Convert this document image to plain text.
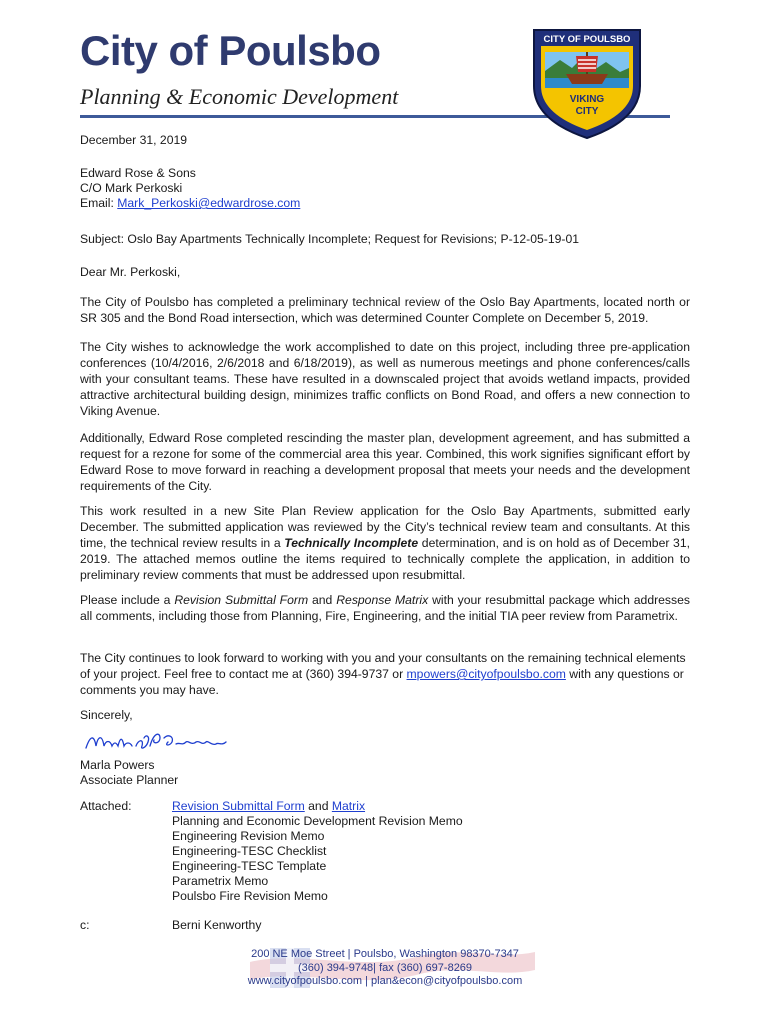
City of Poulsbo

Planning & Economic Development

CITY OF POULSBO
VIKING
CITY

December 31, 2019

Edward Rose & Sons
C/O Mark Perkoski
Email: Mark_Perkoski@edwardrose.com

Subject: Oslo Bay Apartments Technically Incomplete; Request for Revisions; P-12-05-19-01

Dear Mr. Perkoski,

The City of Poulsbo has completed a preliminary technical review of the Oslo Bay Apartments, located north or SR 305 and the Bond Road intersection, which was determined Counter Complete on December 5, 2019.

The City wishes to acknowledge the work accomplished to date on this project, including three pre-application conferences (10/4/2016, 2/6/2018 and 6/18/2019), as well as numerous meetings and phone conferences/calls with your consultant teams. These have resulted in a downscaled project that avoids wetland impacts, provided attractive architectural building design, minimizes traffic conflicts on Bond Road, and offers a new connection to Viking Avenue.

Additionally, Edward Rose completed rescinding the master plan, development agreement, and has submitted a request for a rezone for some of the commercial area this year. Combined, this work signifies significant effort by Edward Rose to move forward in reaching a development proposal that meets your needs and the development requirements of the City.

This work resulted in a new Site Plan Review application for the Oslo Bay Apartments, submitted early December. The submitted application was reviewed by the City’s technical review team and consultants. At this time, the technical review results in a Technically Incomplete determination, and is on hold as of December 31, 2019. The attached memos outline the items required to technically complete the application, in addition to preliminary review comments that must be addressed upon resubmittal.

Please include a Revision Submittal Form and Response Matrix with your resubmittal package which addresses all comments, including those from Planning, Fire, Engineering, and the initial TIA peer review from Parametrix.

The City continues to look forward to working with you and your consultants on the remaining technical elements of your project. Feel free to contact me at (360) 394-9737 or mpowers@cityofpoulsbo.com with any questions or comments you may have.

Sincerely,

Marla Powers
Associate Planner
Attached:	Revision Submittal Form and Matrix
Planning and Economic Development Revision Memo
Engineering Revision Memo
Engineering-TESC Checklist
Engineering-TESC Template
Parametrix Memo
Poulsbo Fire Revision Memo
c:	Berni Kenworthy
200 NE Moe Street | Poulsbo, Washington 98370-7347
(360) 394-9748| fax (360) 697-8269
www.cityofpoulsbo.com | plan&econ@cityofpoulsbo.com
